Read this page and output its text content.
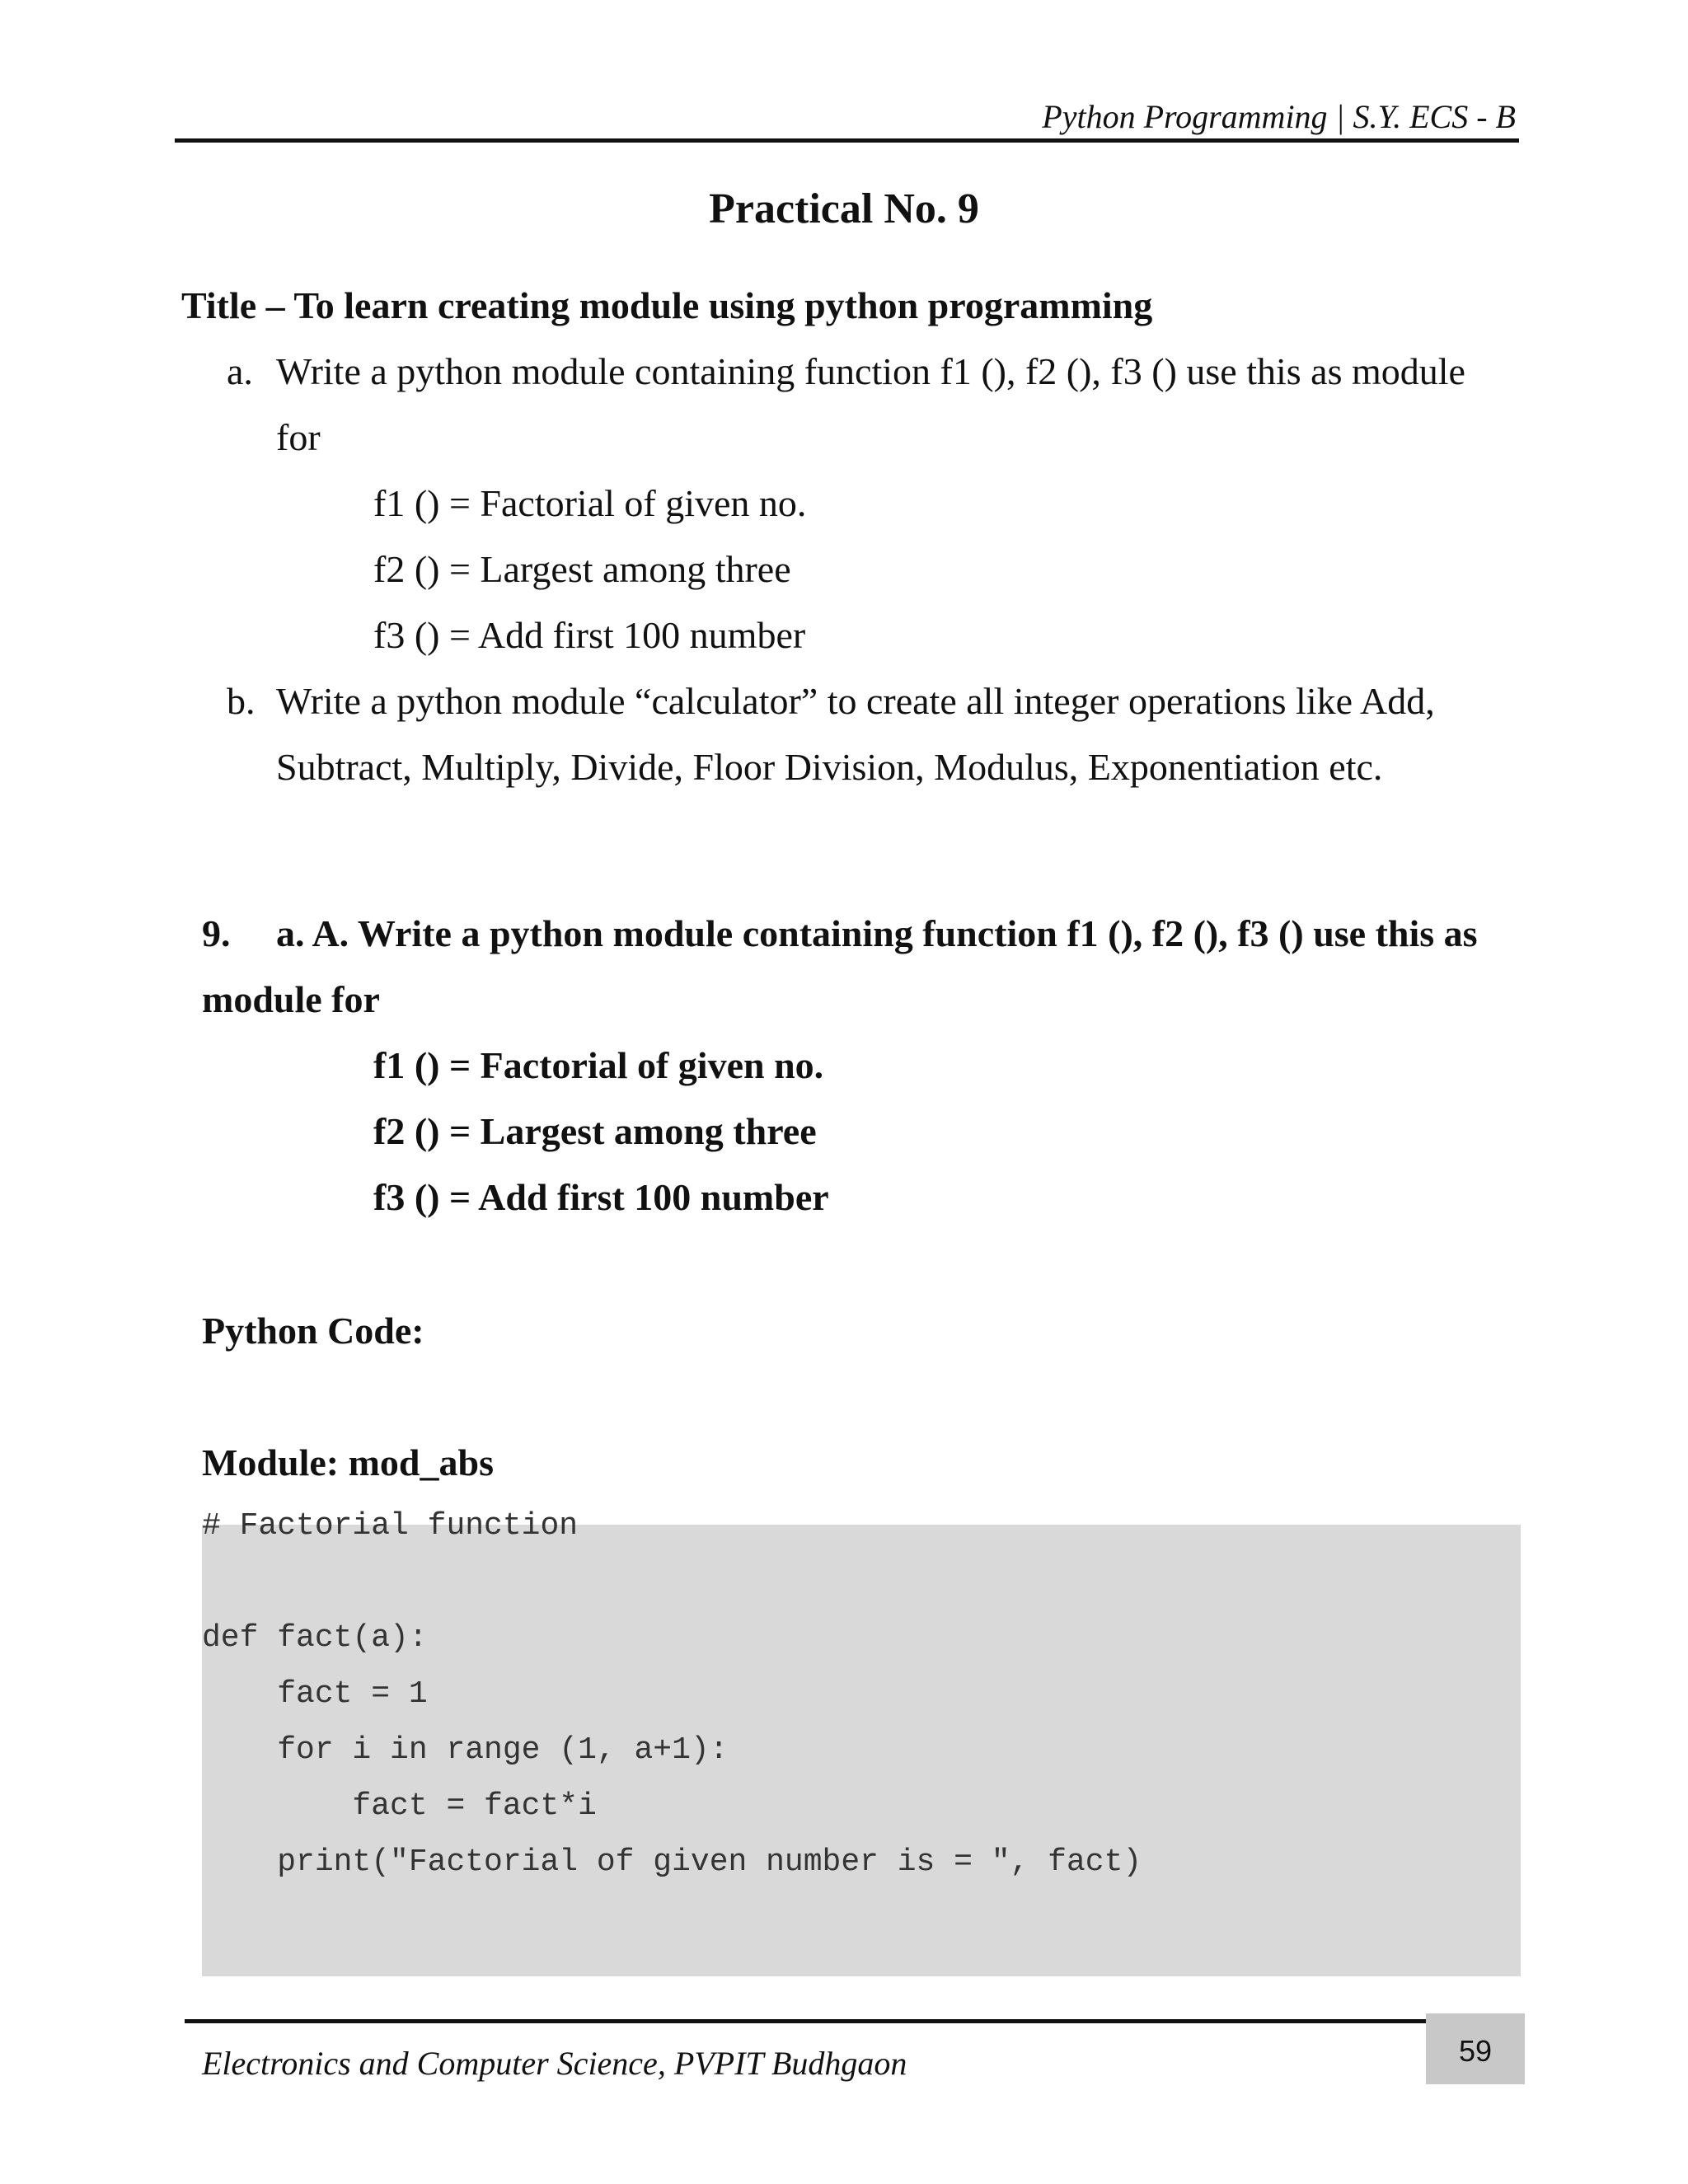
Python Programming | S.Y. ECS - B
Practical No. 9
Title – To learn creating module using python programming
a. Write a python module containing function f1 (), f2 (), f3 () use this as module
for
f1 () = Factorial of given no.
f2 () = Largest among three
f3 () = Add first 100 number
b. Write a python module “calculator” to create all integer operations like Add,
Subtract, Multiply, Divide, Floor Division, Modulus, Exponentiation etc.
9. a. A. Write a python module containing function f1 (), f2 (), f3 () use this as
module for
f1 () = Factorial of given no.
f2 () = Largest among three
f3 () = Add first 100 number
Python Code:
Module: mod_abs
# Factorial function
def fact(a):
fact = 1
for i in range (1, a+1):
fact = fact*i
print("Factorial of given number is = ", fact)
Electronics and Computer Science, PVPIT Budhgaon	59
